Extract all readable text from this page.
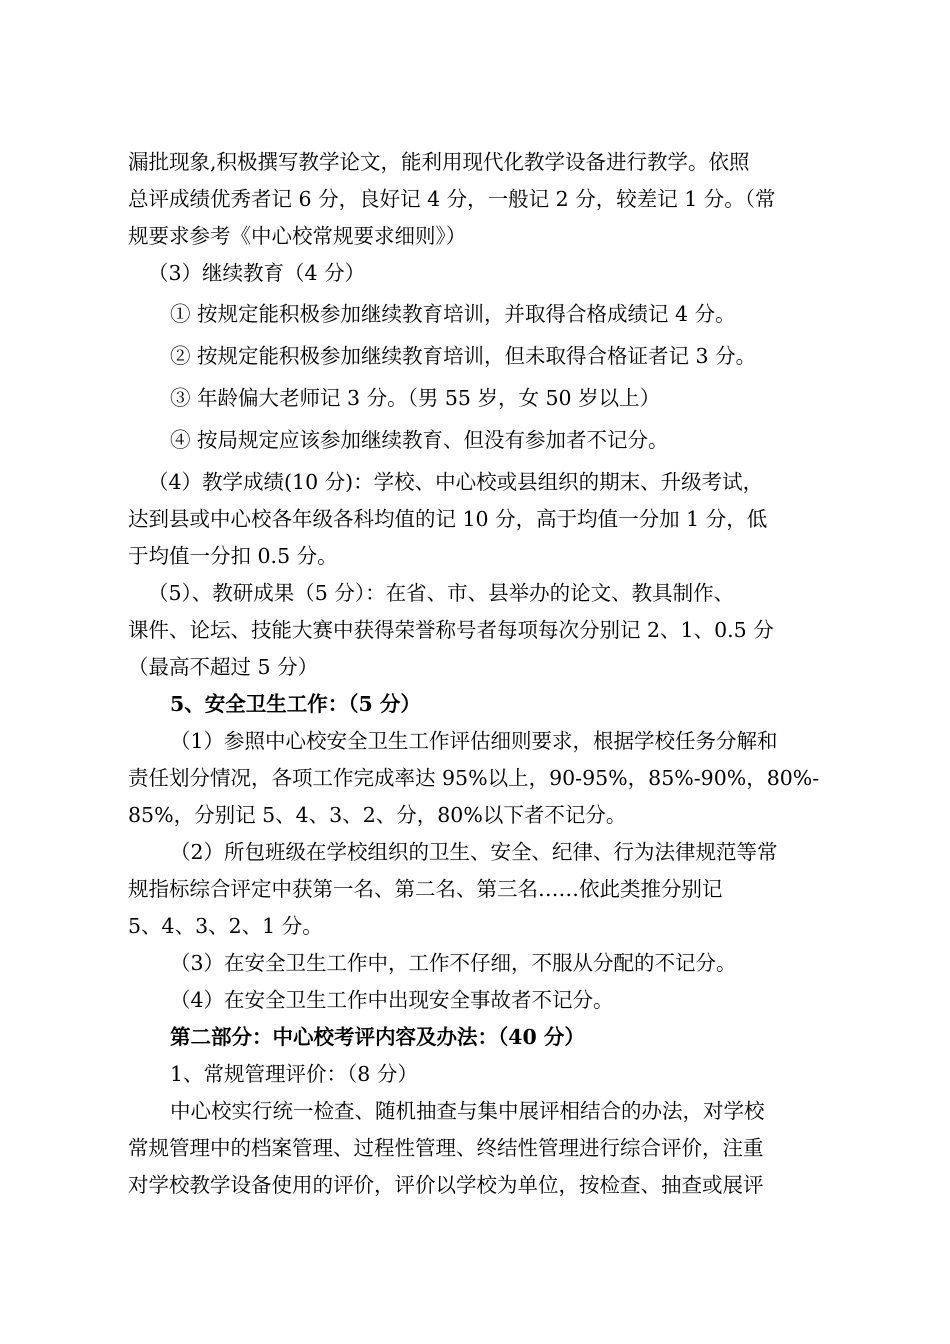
漏批现象,积极撰写教学论文，能利用现代化教学设备进行教学。依照
总评成绩优秀者记 6 分，良好记 4 分，一般记 2 分，较差记 1 分。（常
规要求参考《中心校常规要求细则》）
（3）继续教育（4 分）
① 按规定能积极参加继续教育培训，并取得合格成绩记 4 分。
② 按规定能积极参加继续教育培训，但未取得合格证者记 3 分。
③ 年龄偏大老师记 3 分。（男 55 岁，女 50 岁以上）
④ 按局规定应该参加继续教育、但没有参加者不记分。
（4）教学成绩(10 分)：学校、中心校或县组织的期末、升级考试，
达到县或中心校各年级各科均值的记 10 分，高于均值一分加 1 分，低
于均值一分扣 0.5 分。
（5）、教研成果（5 分）：在省、市、县举办的论文、教具制作、
课件、论坛、技能大赛中获得荣誉称号者每项每次分别记 2、1、0.5 分
（最高不超过 5 分）
5、安全卫生工作：（5 分）
（1）参照中心校安全卫生工作评估细则要求，根据学校任务分解和
责任划分情况，各项工作完成率达 95%以上，90-95%，85%-90%，80%-
85%，分别记 5、4、3、2、分，80%以下者不记分。
（2）所包班级在学校组织的卫生、安全、纪律、行为法律规范等常
规指标综合评定中获第一名、第二名、第三名……依此类推分别记
5、4、3、2、1 分。
（3）在安全卫生工作中，工作不仔细，不服从分配的不记分。
（4）在安全卫生工作中出现安全事故者不记分。
第二部分：中心校考评内容及办法：（40 分）
1、常规管理评价：（8 分）
中心校实行统一检查、随机抽查与集中展评相结合的办法，对学校
常规管理中的档案管理、过程性管理、终结性管理进行综合评价，注重
对学校教学设备使用的评价，评价以学校为单位，按检查、抽查或展评
